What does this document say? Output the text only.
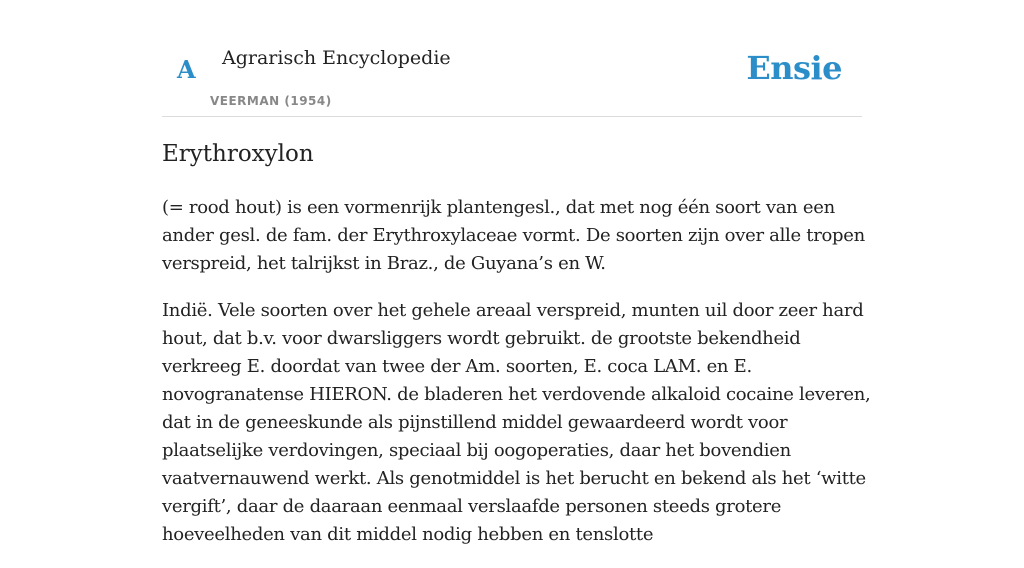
A Agrarisch Encyclopedie
VEERMAN (1954)
Ensie
Erythroxylon

(= rood hout) is een vormenrijk plantengesl., dat met nog één soort van een ander gesl. de fam. der Erythroxylaceae vormt. De soorten zijn over alle tropen verspreid, het talrijkst in Braz., de Guyana’s en W.

Indië. Vele soorten over het gehele areaal verspreid, munten uil door zeer hard hout, dat b.v. voor dwarsliggers wordt gebruikt. de grootste bekendheid verkreeg E. doordat van twee der Am. soorten, E. coca LAM. en E. novogranatense HIERON. de bladeren het verdovende alkaloid cocaine leveren, dat in de geneeskunde als pijnstillend middel gewaardeerd wordt voor plaatselijke verdovingen, speciaal bij oogoperaties, daar het bovendien vaatvernauwend werkt. Als genotmiddel is het berucht en bekend als het ‘witte vergift’, daar de daaraan eenmaal verslaafde personen steeds grotere hoeveelheden van dit middel nodig hebben en tenslotte
